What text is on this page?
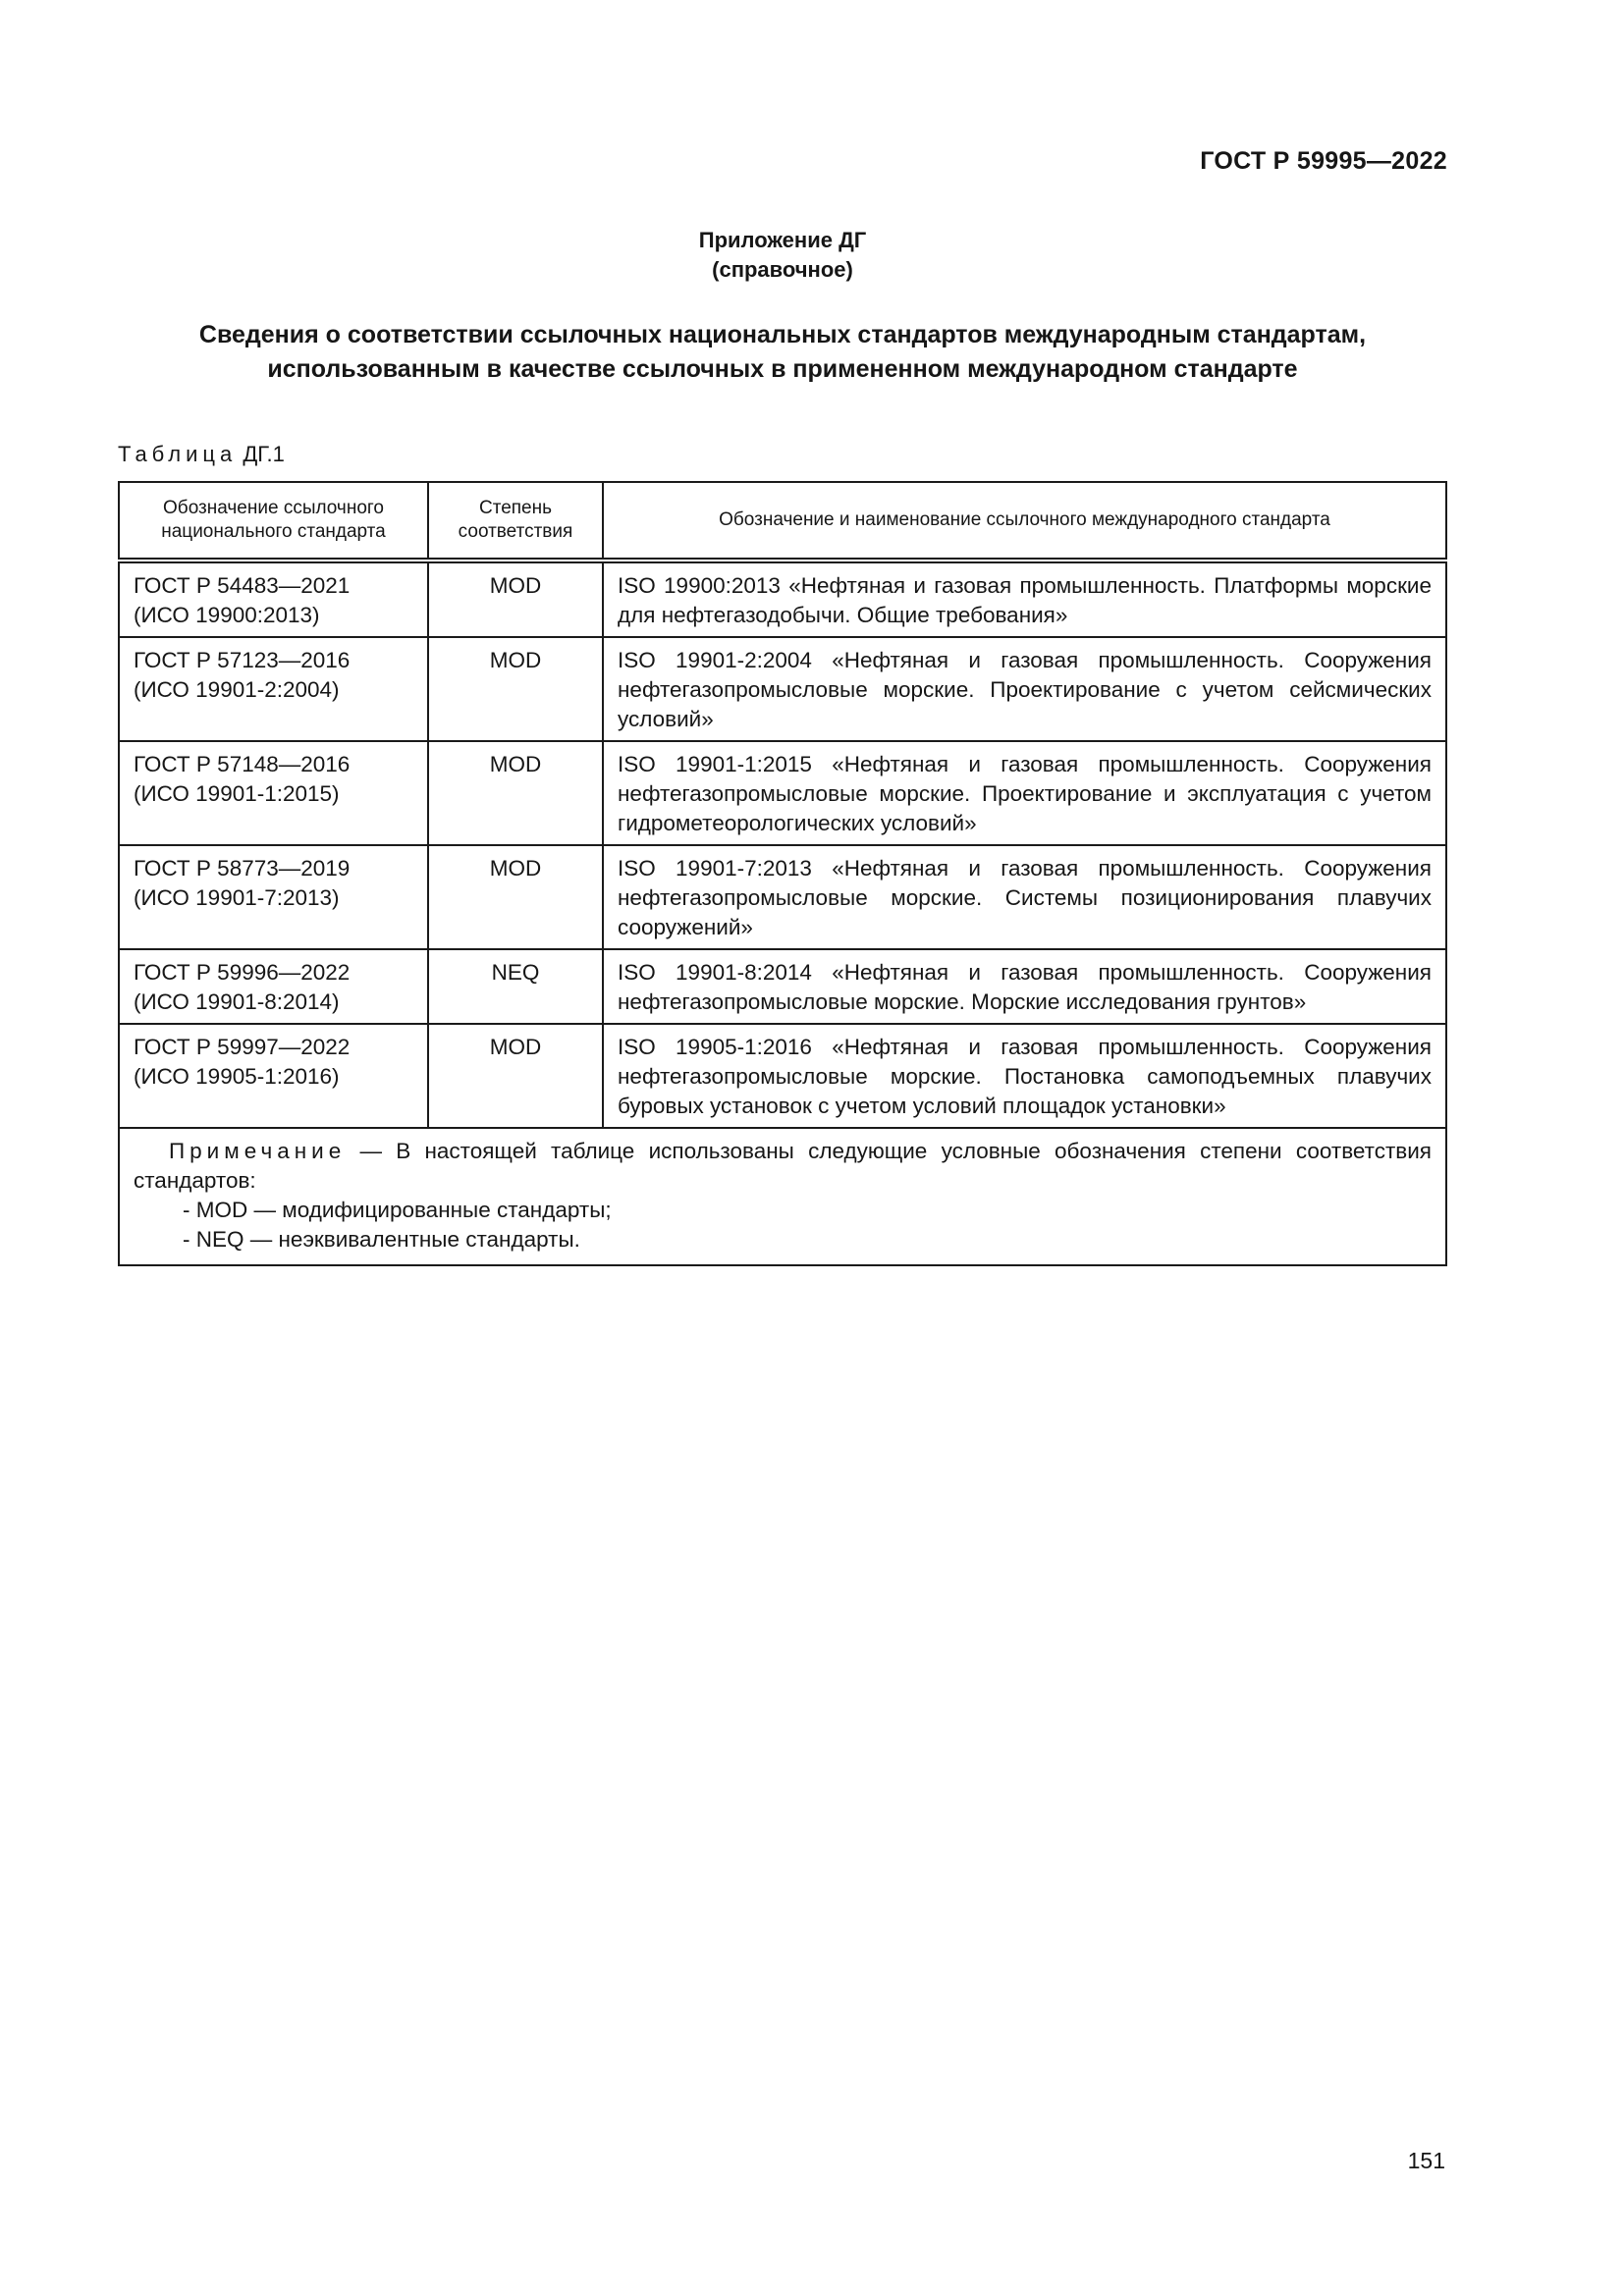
ГОСТ Р 59995—2022
Приложение ДГ
(справочное)
Сведения о соответствии ссылочных национальных стандартов международным стандартам,
использованным в качестве ссылочных в примененном международном стандарте
Таблица ДГ.1
Обозначение ссылочного национального стандарта	Степень соответствия	Обозначение и наименование ссылочного международного стандарта

ГОСТ Р 54483—2021
(ИСО 19900:2013)	MOD	ISO 19900:2013 «Нефтяная и газовая промышленность. Платформы морские для нефтегазодобычи. Общие требования»

ГОСТ Р 57123—2016
(ИСО 19901-2:2004)	MOD	ISO 19901-2:2004 «Нефтяная и газовая промышленность. Сооружения нефтегазопромысловые морские. Проектирование с учетом сейсмических условий»

ГОСТ Р 57148—2016
(ИСО 19901-1:2015)	MOD	ISO 19901-1:2015 «Нефтяная и газовая промышленность. Сооружения нефтегазопромысловые морские. Проектирование и эксплуатация с учетом гидрометеорологических условий»

ГОСТ Р 58773—2019
(ИСО 19901-7:2013)	MOD	ISO 19901-7:2013 «Нефтяная и газовая промышленность. Сооружения нефтегазопромысловые морские. Системы позиционирования плавучих сооружений»

ГОСТ Р 59996—2022
(ИСО 19901-8:2014)	NEQ	ISO 19901-8:2014 «Нефтяная и газовая промышленность. Сооружения нефтегазопромысловые морские. Морские исследования грунтов»

ГОСТ Р 59997—2022
(ИСО 19905-1:2016)	MOD	ISO 19905-1:2016 «Нефтяная и газовая промышленность. Сооружения нефтегазопромысловые морские. Постановка самоподъемных плавучих буровых установок с учетом условий площадок установки»

Примечание — В настоящей таблице использованы следующие условные обозначения степени соответствия стандартов:
- MOD — модифицированные стандарты;
- NEQ — неэквивалентные стандарты.		
151
